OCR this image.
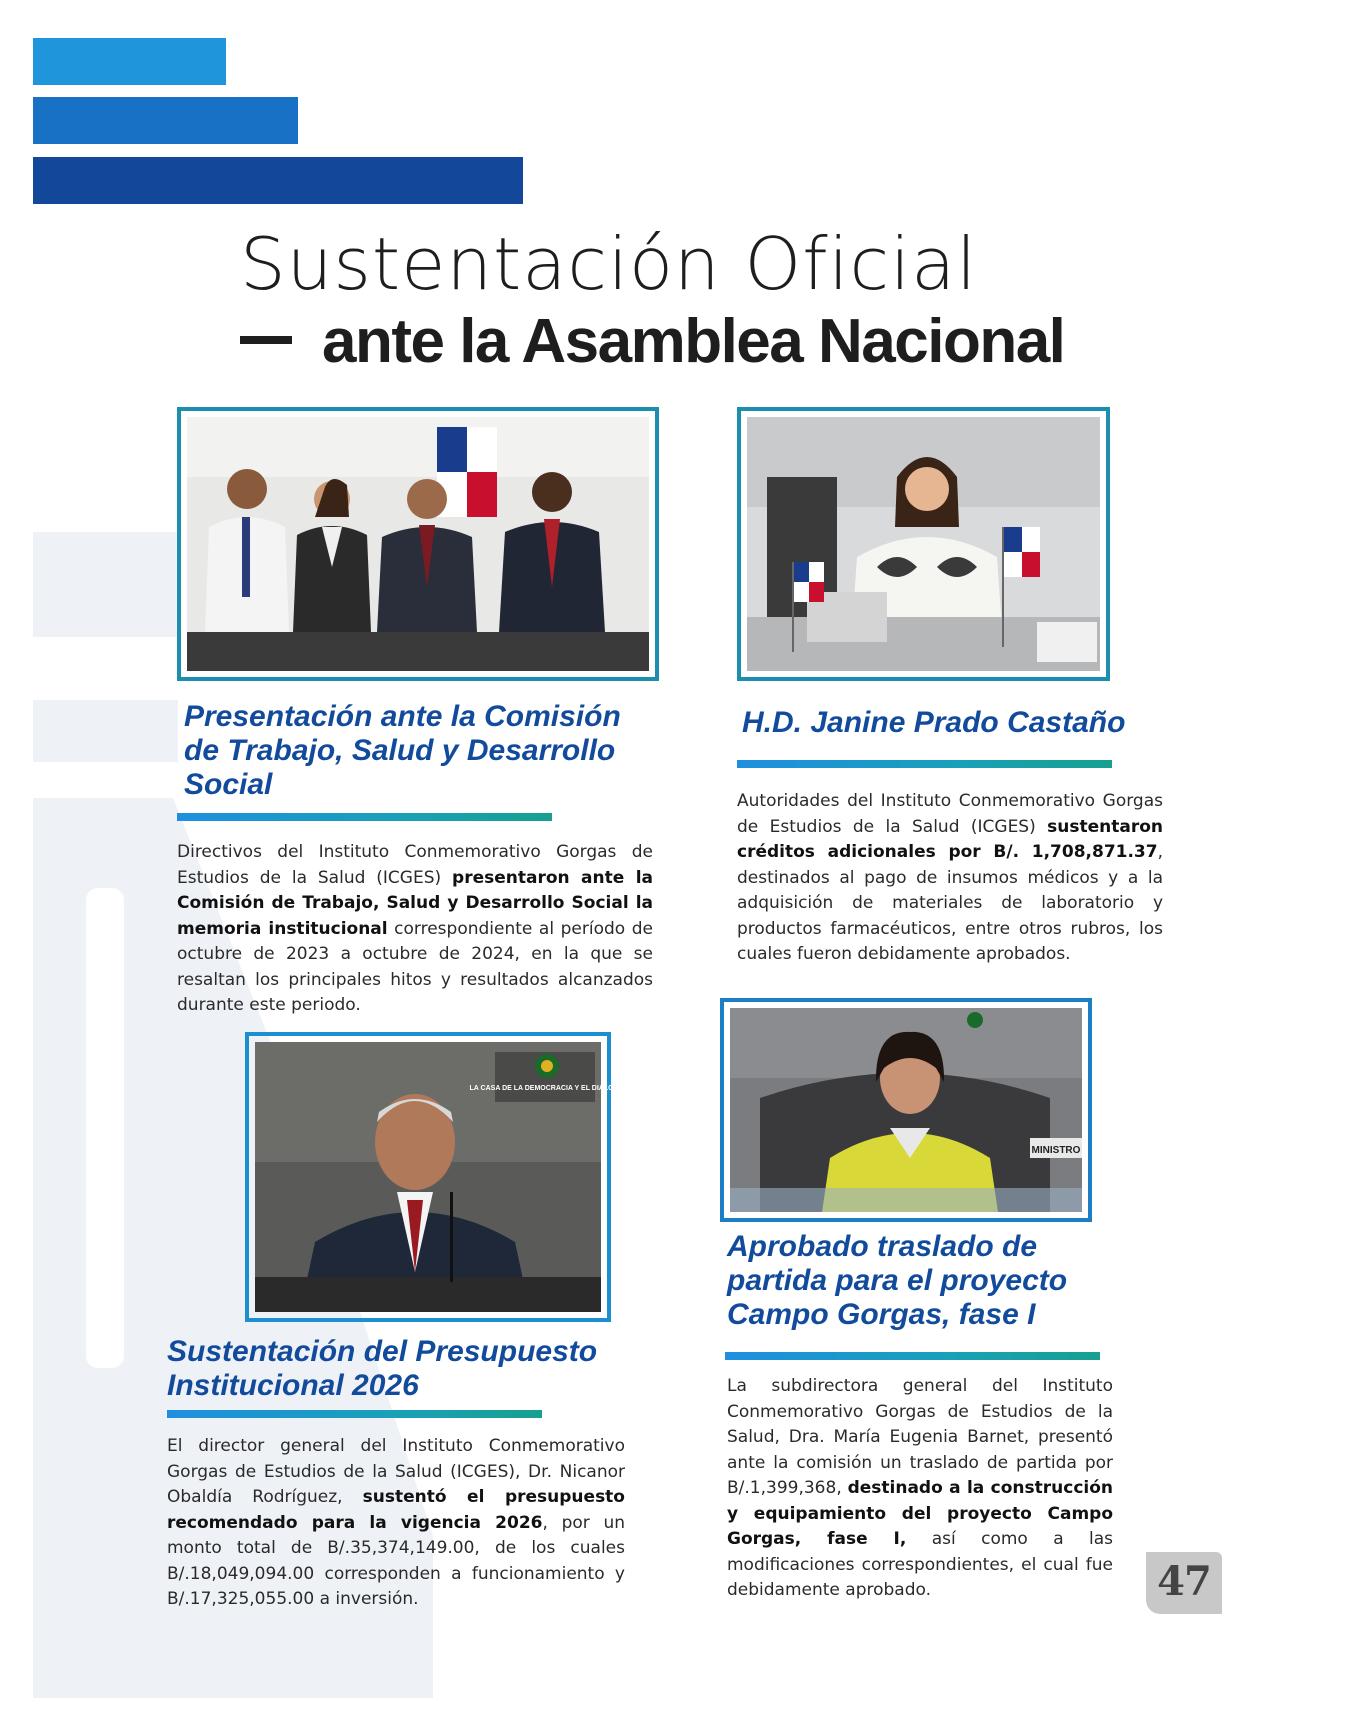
Sustentación Oficial
ante la Asamblea Nacional
Presentación ante la Comisión de Trabajo, Salud y Desarrollo Social
Directivos del Instituto Conmemorativo Gorgas de Estudios de la Salud (ICGES) presentaron ante la Comisión de Trabajo, Salud y Desarrollo Social la memoria institucional correspondiente al período de octubre de 2023 a octubre de 2024, en la que se resaltan los principales hitos y resultados alcanzados durante este periodo.
H.D. Janine Prado Castaño
Autoridades del Instituto Conmemorativo Gorgas de Estudios de la Salud (ICGES) sustentaron créditos adicionales por B/. 1,708,871.37, destinados al pago de insumos médicos y a la adquisición de materiales de laboratorio y productos farmacéuticos, entre otros rubros, los cuales fueron debidamente aprobados.
LA CASA DE LA DEMOCRACIA Y EL DIÁLOGO
Sustentación del Presupuesto Institucional 2026
El director general del Instituto Conmemorativo Gorgas de Estudios de la Salud (ICGES), Dr. Nicanor Obaldía Rodríguez, sustentó el presupuesto recomendado para la vigencia 2026, por un monto total de B/.35,374,149.00, de los cuales B/.18,049,094.00 corresponden a funcionamiento y B/.17,325,055.00 a inversión.
MINISTRO
Aprobado traslado de partida para el proyecto Campo Gorgas, fase I
La subdirectora general del Instituto Conmemorativo Gorgas de Estudios de la Salud, Dra. María Eugenia Barnet, presentó ante la comisión un traslado de partida por B/.1,399,368, destinado a la construcción y equipamiento del proyecto Campo Gorgas, fase I, así como a las modificaciones correspondientes, el cual fue debidamente aprobado.	47
